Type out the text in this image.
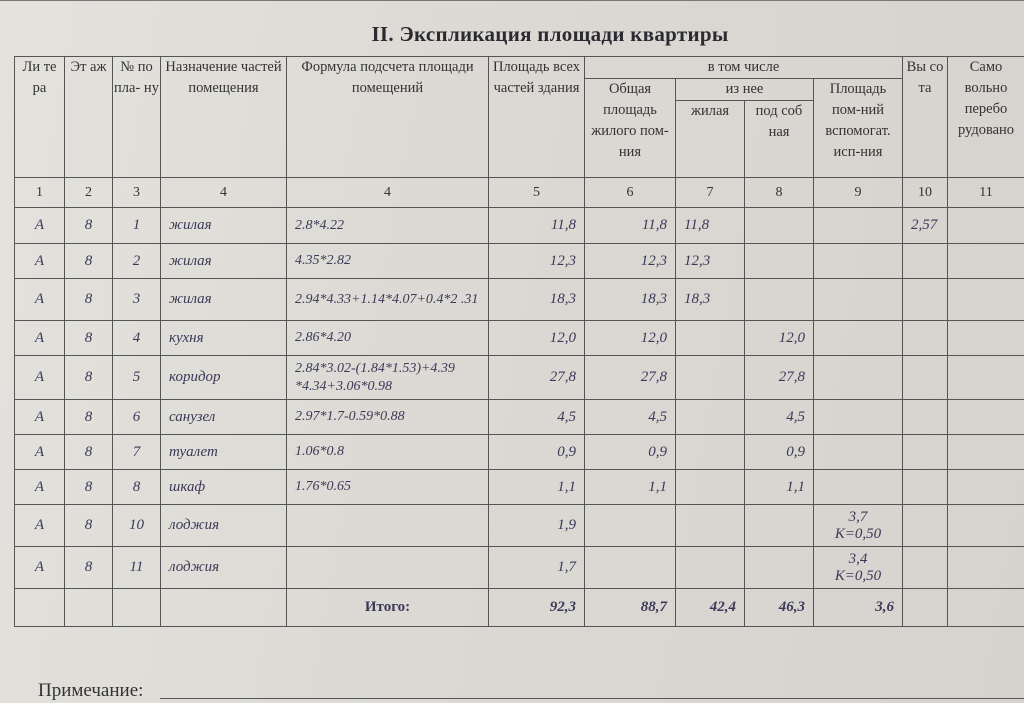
II. Экспликация площади квартиры
Ли те ра	Эт аж	№ по пла- ну	Назначение частей помещения	Формула подсчета площади помещений	Площадь всех частей здания	в том числе				Вы со та	Само вольно перебо рудовано
						Общая площадь жилого пом-ния	из нее		Площадь пом-ний вспомогат. исп-ния		
							жилая	под соб ная			
1	2	3	4	4	5	6	7	8	9	10	11
А	8	1	жилая	2.8*4.22	11,8	11,8	11,8			2,57	
А	8	2	жилая	4.35*2.82	12,3	12,3	12,3		

А	8	3	жилая	2.94*4.33+1.14*4.07+0.4*2 .31	18,3	18,3	18,3		

А	8	4	кухня	2.86*4.20	12,0	12,0		12,0	

А	8	5	коридор	2.84*3.02-(1.84*1.53)+4.39 *4.34+3.06*0.98	27,8	27,8		27,8	

А	8	6	санузел	2.97*1.7-0.59*0.88	4,5	4,5		4,5	

А	8	7	туалет	1.06*0.8	0,9	0,9		0,9	

А	8	8	шкаф	1.76*0.65	1,1	1,1		1,1	

А	8	10	лоджия		1,9				3,7
К=0,50		

А	8	11	лоджия		1,7				3,4
К=0,50		

				Итого:	92,3	88,7	42,4	46,3	3,6		
Примечание:
